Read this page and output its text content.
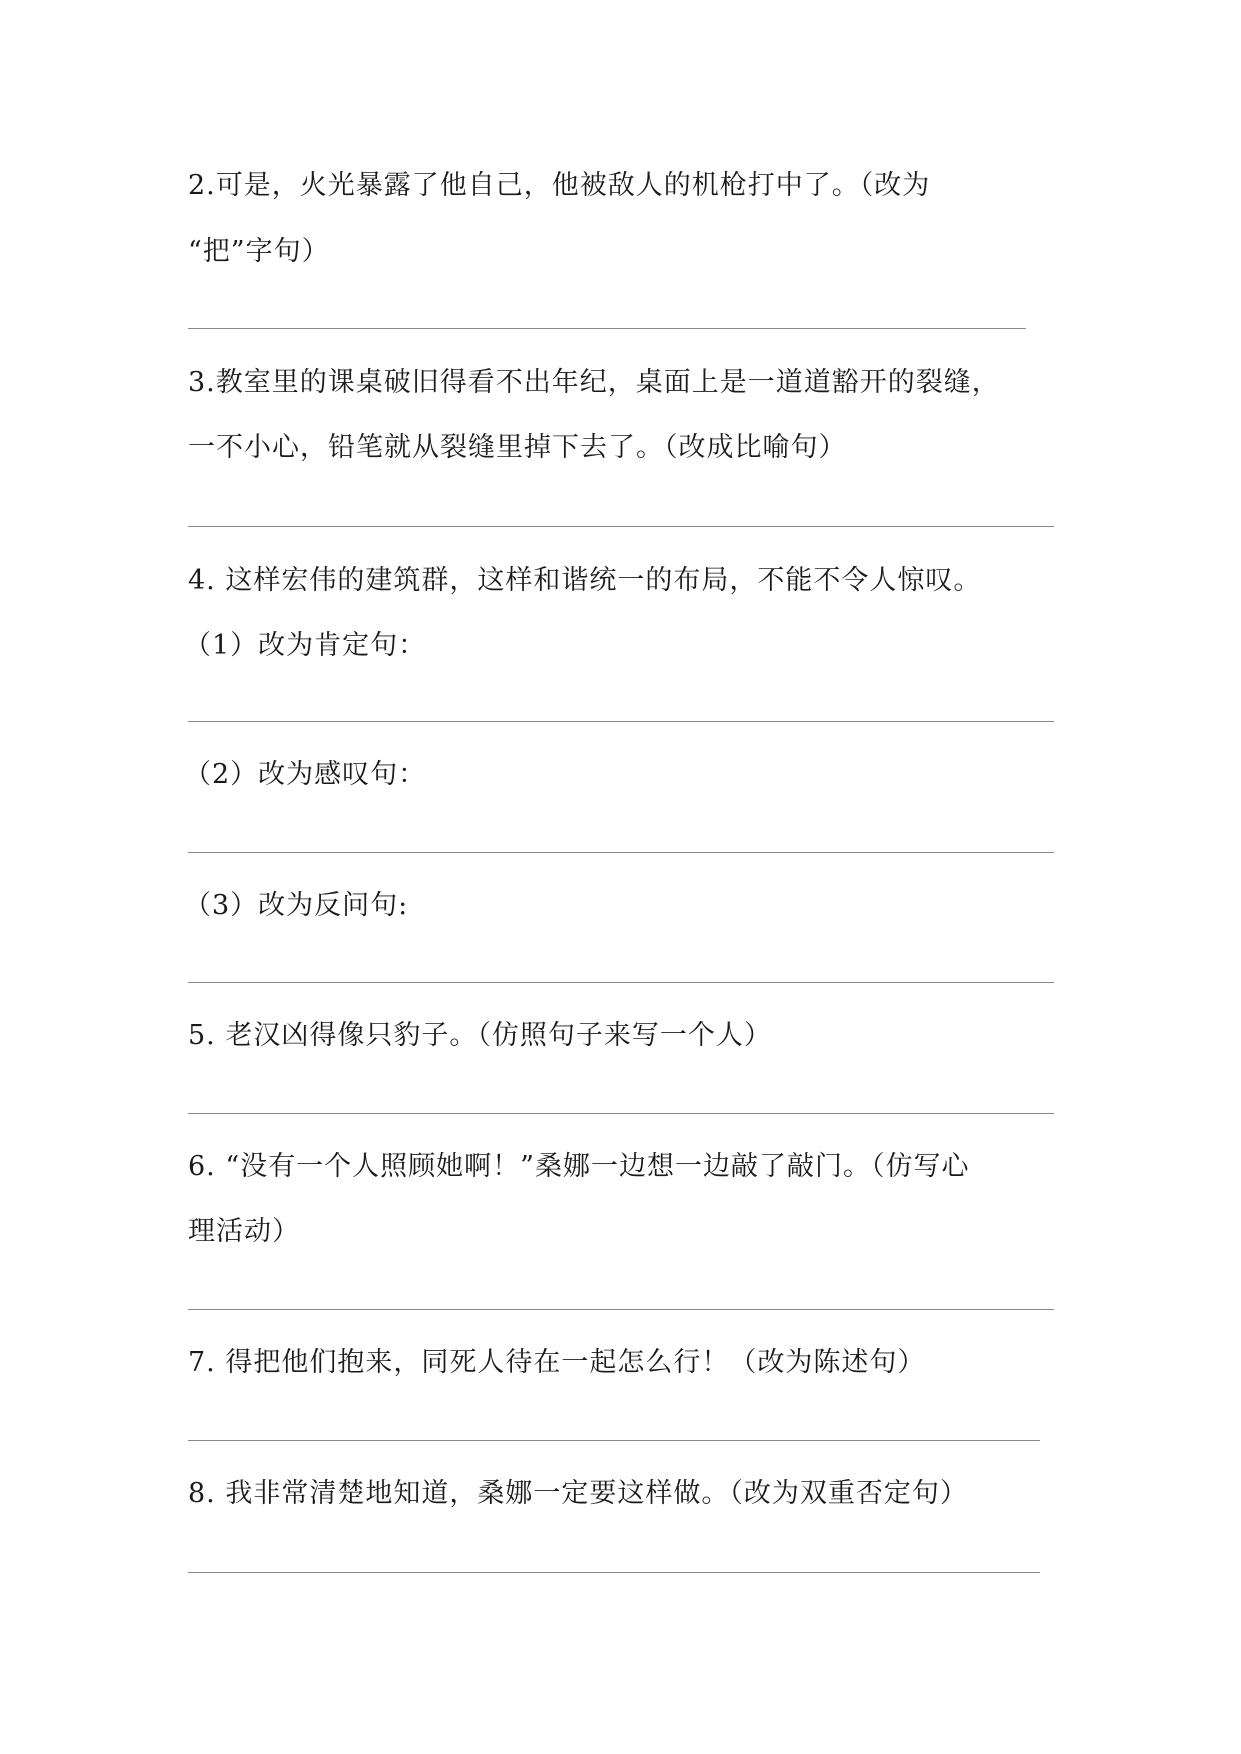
2.可是，火光暴露了他自己，他被敌人的机枪打中了。（改为
“把”字句）
3.教室里的课桌破旧得看不出年纪，桌面上是一道道豁开的裂缝，
一不小心，铅笔就从裂缝里掉下去了。（改成比喻句）
4. 这样宏伟的建筑群，这样和谐统一的布局，不能不令人惊叹。
（1）改为肯定句：
（2）改为感叹句：
（3）改为反问句:
5. 老汉凶得像只豹子。（仿照句子来写一个人）
6. “没有一个人照顾她啊！”桑娜一边想一边敲了敲门。（仿写心
理活动）
7. 得把他们抱来，同死人待在一起怎么行！（改为陈述句）
8. 我非常清楚地知道，桑娜一定要这样做。（改为双重否定句）
